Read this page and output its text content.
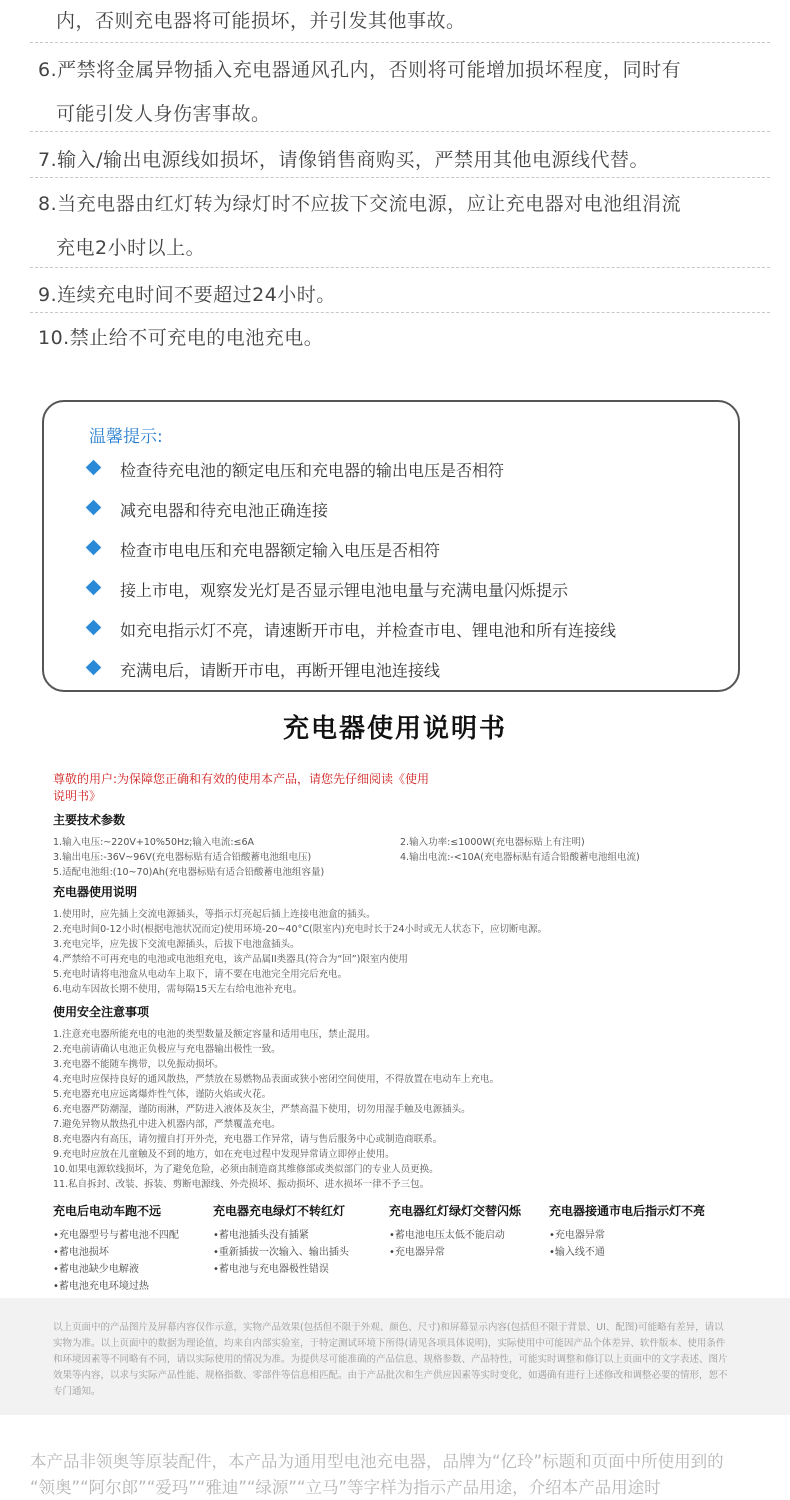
内，否则充电器将可能损坏，并引发其他事故。
6.严禁将金属异物插入充电器通风孔内，否则将可能增加损坏程度，同时有
可能引发人身伤害事故。
7.输入/输出电源线如损坏，请像销售商购买，严禁用其他电源线代替。
8.当充电器由红灯转为绿灯时不应拔下交流电源，应让充电器对电池组涓流
充电2小时以上。
9.连续充电时间不要超过24小时。
10.禁止给不可充电的电池充电。
温馨提示:
检查待充电池的额定电压和充电器的输出电压是否相符
减充电器和待充电池正确连接
检查市电电压和充电器额定输入电压是否相符
接上市电，观察发光灯是否显示锂电池电量与充满电量闪烁提示
如充电指示灯不亮，请速断开市电，并检查市电、锂电池和所有连接线
充满电后，请断开市电，再断开锂电池连接线
充电器使用说明书
尊敬的用户:为保障您正确和有效的使用本产品，请您先仔细阅读《使用说明书》
主要技术参数
1.输入电压:~220V+10%50Hz;输入电流:≤6A	2.输入功率:≤1000W(充电器标贴上有注明)
3.输出电压:-36V~96V(充电器标贴有适合铅酸蓄电池组电压)	4.输出电流:-<10A(充电器标贴有适合铅酸蓄电池组电流)
5.适配电池组:(10~70)Ah(充电器标贴有适合铅酸蓄电池组容量)
充电器使用说明
1.使用时，应先插上交流电源插头，等指示灯亮起后插上连接电池盒的插头。
2.充电时间0-12小时(根据电池状况而定)使用环境-20~40°C(限室内)充电时长于24小时或无人状态下，应切断电源。
3.充电完毕，应先拔下交流电源插头，后拔下电池盒插头。
4.严禁给不可再充电的电池或电池组充电，该产品属II类器具(符合为“回”)限室内使用
5.充电时请将电池盒从电动车上取下，请不要在电池完全用完后充电。
6.电动车因故长期不使用，需每隔15天左右给电池补充电。
使用安全注意事项
1.注意充电器所能充电的电池的类型数量及额定容量和适用电压，禁止混用。
2.充电前请确认电池正负极应与充电器输出极性一致。
3.充电器不能随车携带，以免振动损坏。
4.充电时应保持良好的通风散热，严禁放在易燃物品表面或狭小密闭空间使用，不得放置在电动车上充电。
5.充电器充电应远离爆炸性气体，谨防火焰或火花。
6.充电器严防潮湿，谨防雨淋，严防进入液体及灰尘，严禁高温下使用，切勿用湿手触及电源插头。
7.避免异物从散热孔中进入机器内部，严禁覆盖充电。
8.充电器内有高压，请勿擅自打开外壳，充电器工作异常，请与售后服务中心或制造商联系。
9.充电时应放在儿童触及不到的地方，如在充电过程中发现异常请立即停止使用。
10.如果电源软线损坏，为了避免危险，必须由制造商其维修部或类似部门的专业人员更换。
11.私自拆封、改装、拆装、剪断电源线、外壳损坏、振动损坏、进水损坏一律不予三包。
充电后电动车跑不远
•充电器型号与蓄电池不四配
•蓄电池损坏
•蓄电池缺少电解液
•蓄电池充电环境过热
充电器充电绿灯不转红灯
•蓄电池插头没有插紧
•重新插拔一次输入、输出插头
•蓄电池与充电器极性错误
充电器红灯绿灯交替闪烁
•蓄电池电压太低不能启动
•充电器异常
充电器接通市电后指示灯不亮
•充电器异常
•输入线不通
以上页面中的产品图片及屏幕内容仅作示意，实物产品效果(包括但不限于外观、颜色、尺寸)和屏幕显示内容(包括但不限于背景、UI、配图)可能略有差异，请以实物为准。以上页面中的数据为理论值，均来自内部实验室，于特定测试环境下所得(请见各项具体说明)，实际使用中可能因产品个体差异、软件版本、使用条件和环境因素等不同略有不同，请以实际使用的情况为准。为提供尽可能准确的产品信息、规格参数、产品特性，可能实时调整和修订以上页面中的文字表述、图片效果等内容，以求与实际产品性能、规格指数、零部件等信息相匹配。由于产品批次和生产供应因素等实时变化，如遇确有进行上述修改和调整必要的情形，恕不专门通知。
本产品非领奥等原装配件，本产品为通用型电池充电器，品牌为“亿玲”标题和页面中所使用到的
“领奥”“阿尔郎”“爱玛”“雅迪”“绿源”“立马”等字样为指示产品用途，介绍本产品用途时
